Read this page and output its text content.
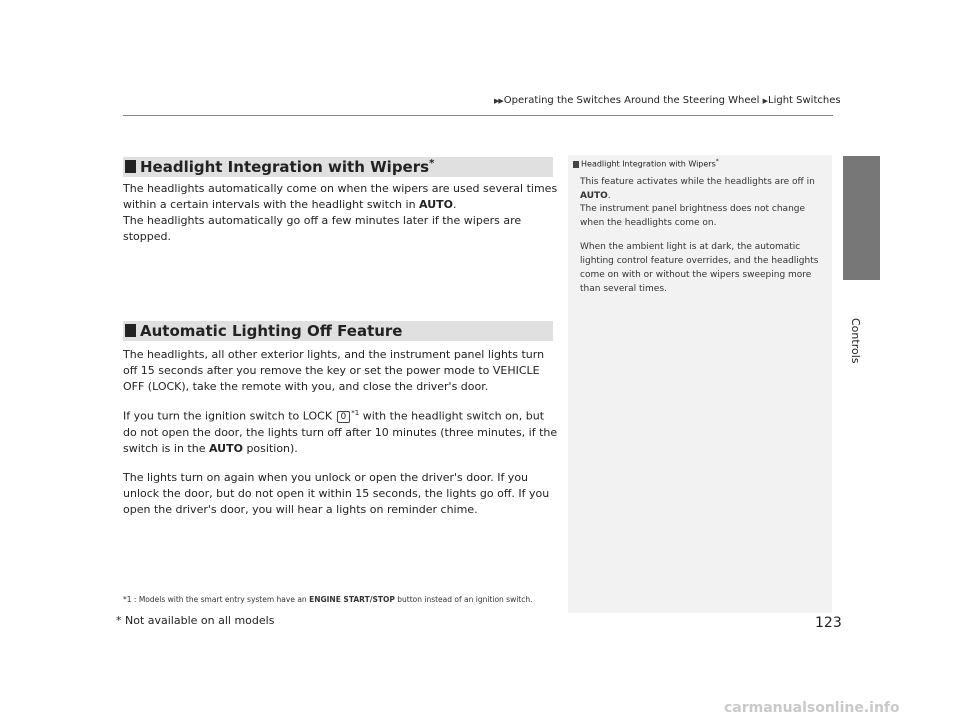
▶▶Operating the Switches Around the Steering Wheel ▶Light Switches
Controls
Headlight Integration with Wipers*
The headlights automatically come on when the wipers are used several times within a certain intervals with the headlight switch in AUTO.
The headlights automatically go off a few minutes later if the wipers are stopped.
Automatic Lighting Off Feature
The headlights, all other exterior lights, and the instrument panel lights turn off 15 seconds after you remove the key or set the power mode to VEHICLE OFF (LOCK), take the remote with you, and close the driver's door.
If you turn the ignition switch to LOCK 0 $^{*1}$ with the headlight switch on, but do not open the door, the lights turn off after 10 minutes (three minutes, if the switch is in the AUTO position).
The lights turn on again when you unlock or open the driver's door. If you unlock the door, but do not open it within 15 seconds, the lights go off. If you open the driver's door, you will hear a lights on reminder chime.
*1 : Models with the smart entry system have an ENGINE START/STOP button instead of an ignition switch.
Headlight Integration with Wipers*
This feature activates while the headlights are off in AUTO.
The instrument panel brightness does not change when the headlights come on.
When the ambient light is at dark, the automatic lighting control feature overrides, and the headlights come on with or without the wipers sweeping more than several times.
* Not available on all models	123
carmanualsonline.info
